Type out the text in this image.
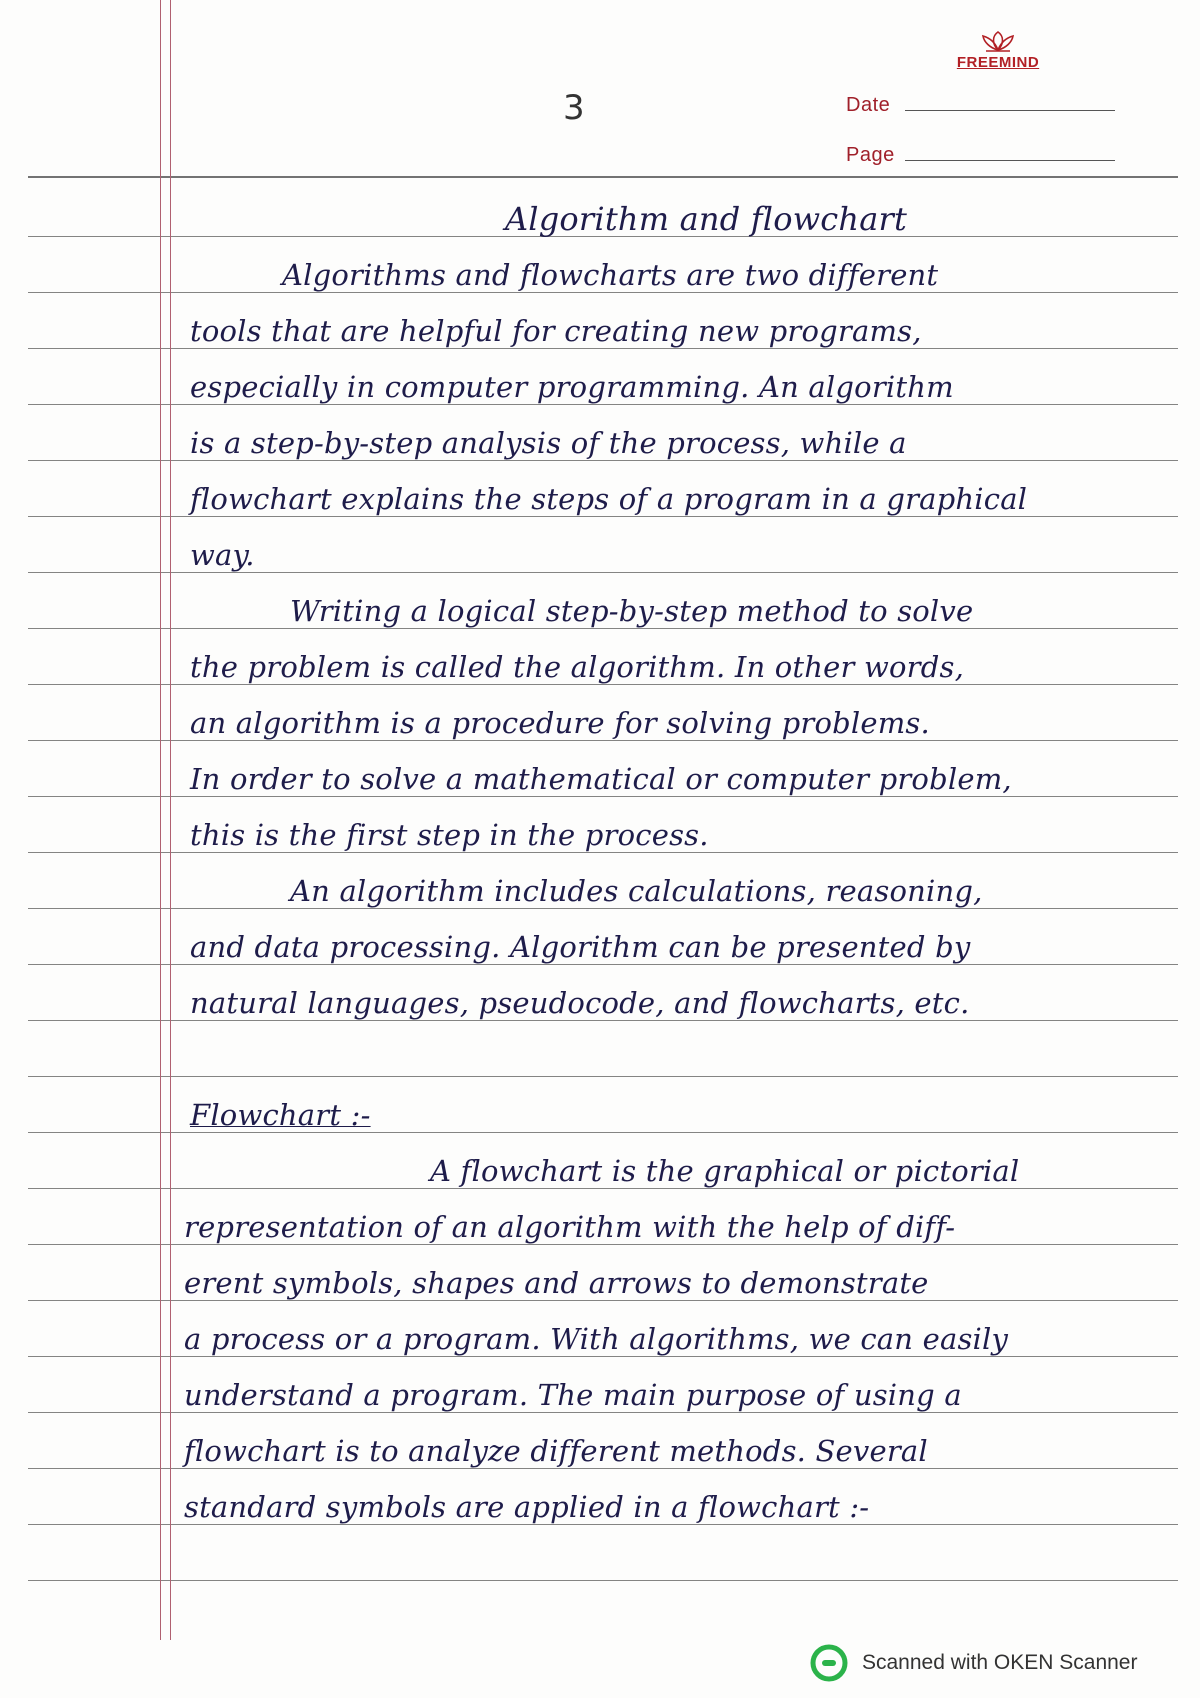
FREEMIND
3	Date
Page
Algorithm and flowchart
Algorithms and flowcharts are two different
tools that are helpful for creating new programs,
especially in computer programming. An algorithm
is a step-by-step analysis of the process, while a
flowchart explains the steps of a program in a graphical
way.
Writing a logical step-by-step method to solve
the problem is called the algorithm. In other words,
an algorithm is a procedure for solving problems.
In order to solve a mathematical or computer problem,
this is the first step in the process.
An algorithm includes calculations, reasoning,
and data processing. Algorithm can be presented by
natural languages, pseudocode, and flowcharts, etc.
Flowchart :-
A flowchart is the graphical or pictorial
representation of an algorithm with the help of diff-
erent symbols, shapes and arrows to demonstrate
a process or a program. With algorithms, we can easily
understand a program. The main purpose of using a
flowchart is to analyze different methods. Several
standard symbols are applied in a flowchart :-
Scanned with OKEN Scanner
